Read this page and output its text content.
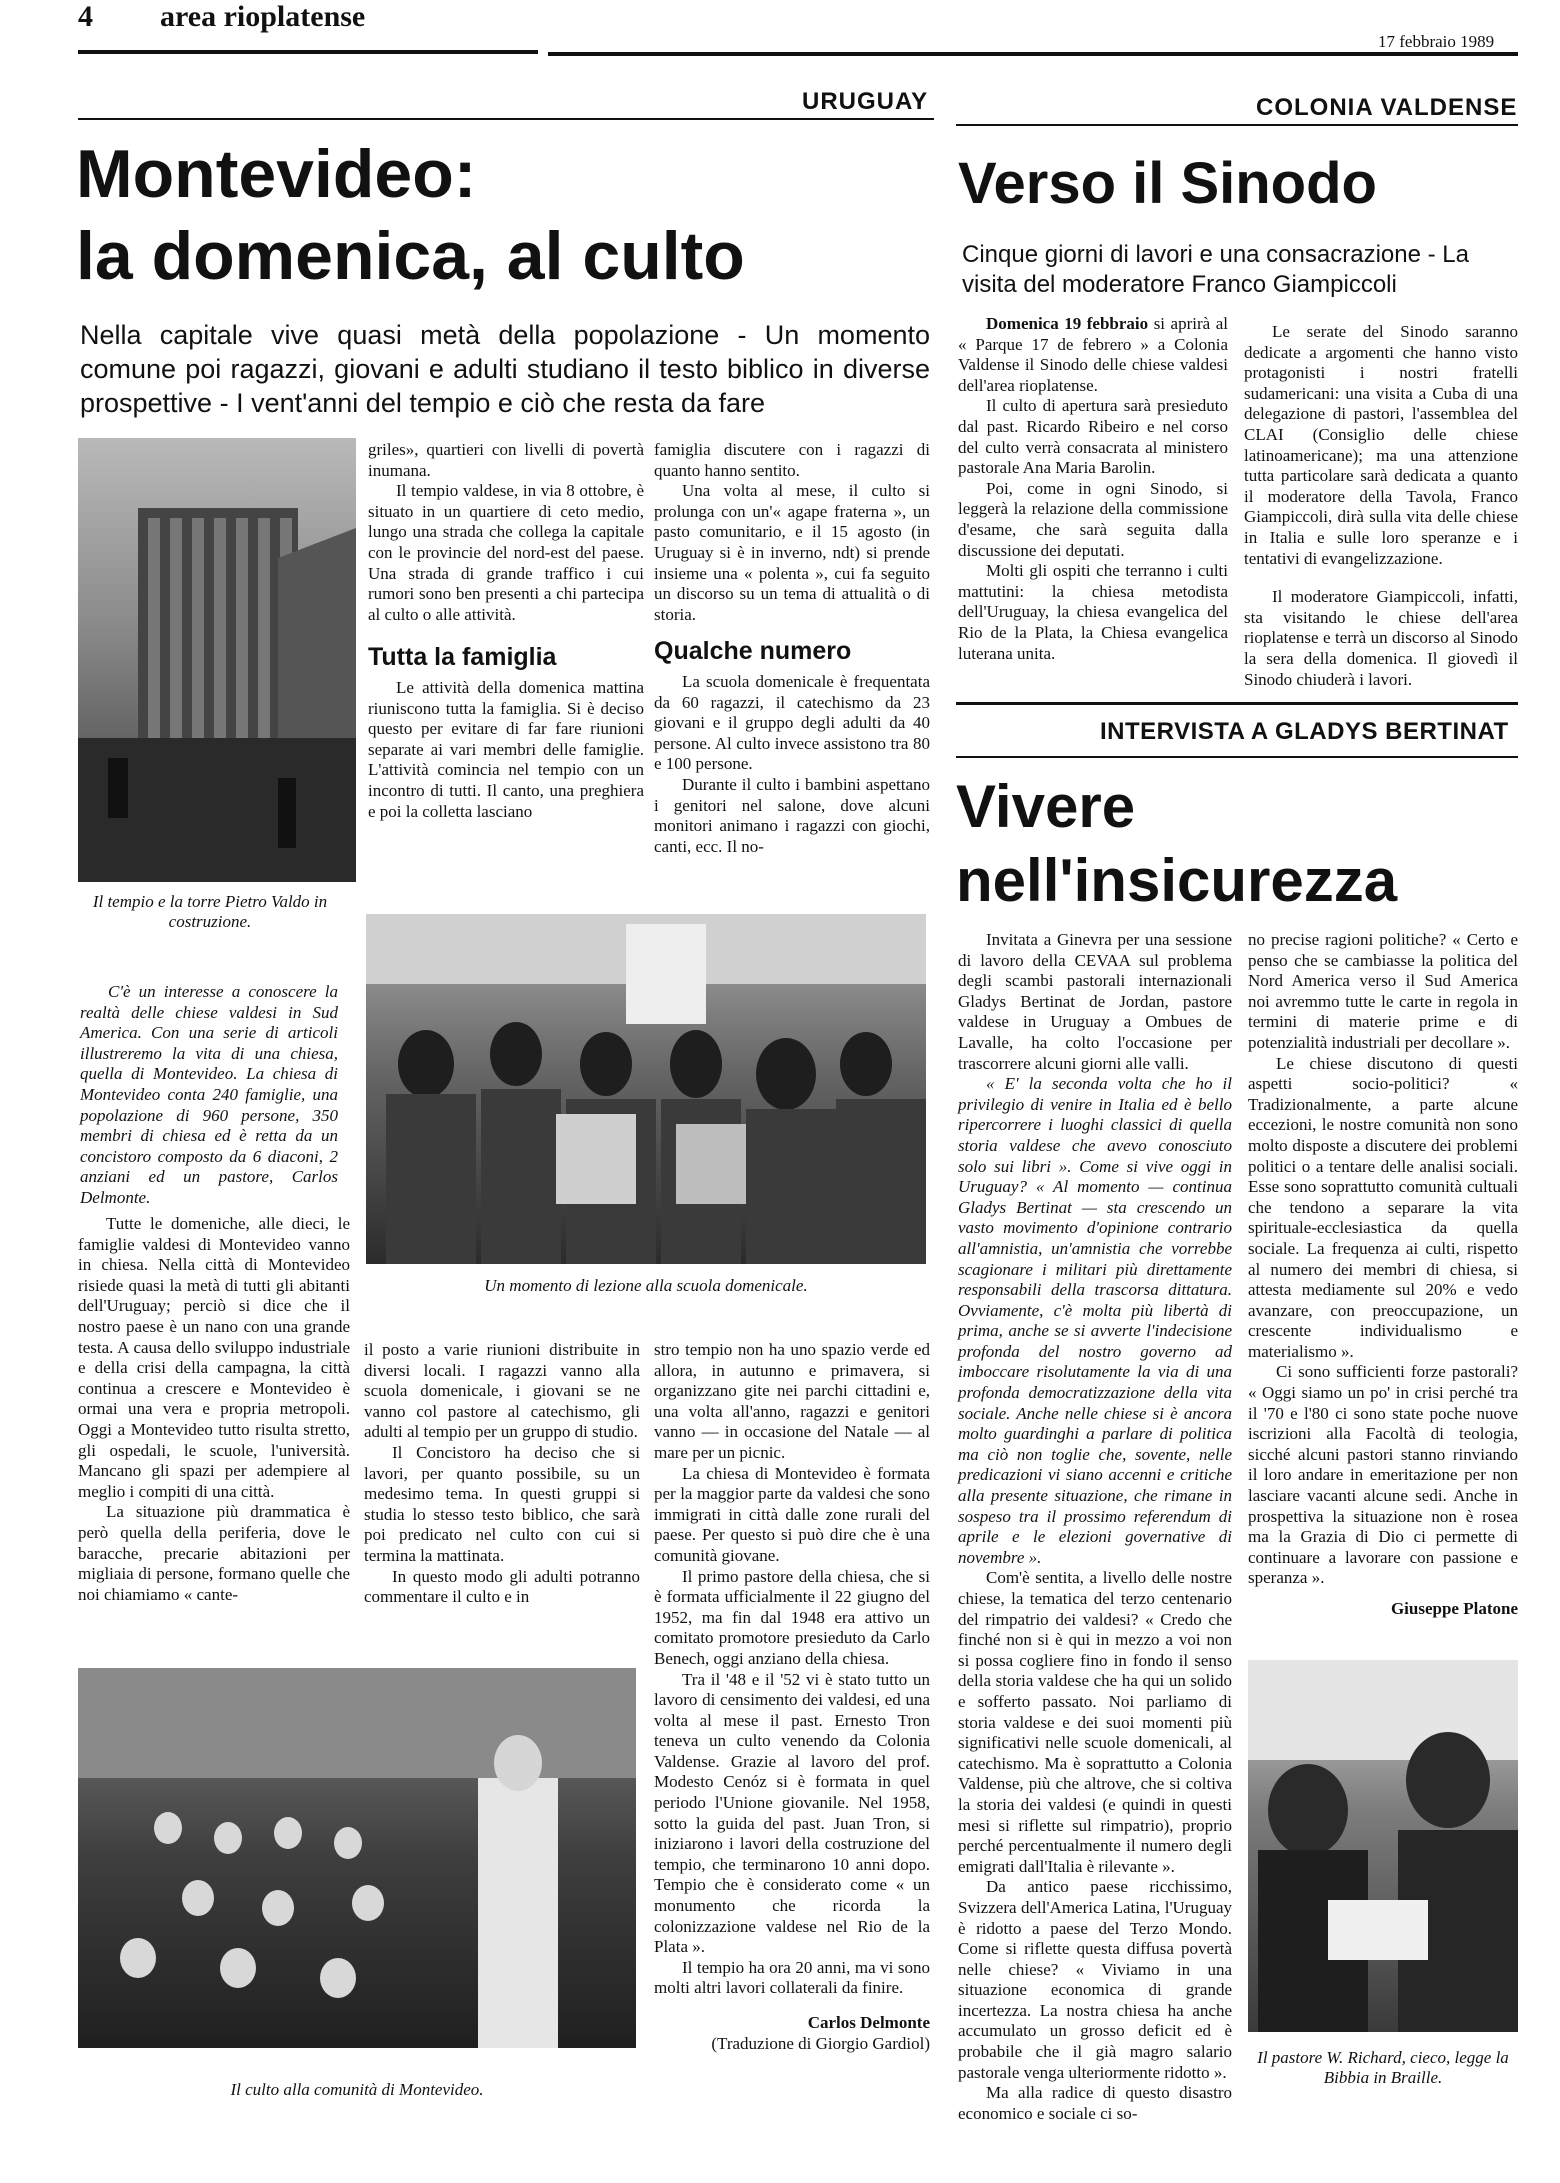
4 area rioplatense
17 febbraio 1989
URUGUAY
Montevideo:
la domenica, al culto
Nella capitale vive quasi metà della popolazione - Un momento comune poi ragazzi, giovani e adulti studiano il testo biblico in diverse prospettive - I vent'anni del tempio e ciò che resta da fare
Il tempio e la torre Pietro Valdo in costruzione.
C'è un interesse a conoscere la realtà delle chiese valdesi in Sud America. Con una serie di articoli illustreremo la vita di una chiesa, quella di Montevideo. La chiesa di Montevideo conta 240 famiglie, una popolazione di 960 persone, 350 membri di chiesa ed è retta da un concistoro composto da 6 diaconi, 2 anziani ed un pastore, Carlos Delmonte.

griles», quartieri con livelli di povertà inumana.

Il tempio valdese, in via 8 ottobre, è situato in un quartiere di ceto medio, lungo una strada che collega la capitale con le provincie del nord-est del paese. Una strada di grande traffico i cui rumori sono ben presenti a chi partecipa al culto o alle attività.

Tutta la famiglia

Le attività della domenica mattina riuniscono tutta la famiglia. Si è deciso questo per evitare di far fare riunioni separate ai vari membri delle famiglie. L'attività comincia nel tempio con un incontro di tutti. Il canto, una preghiera e poi la colletta lasciano

famiglia discutere con i ragazzi di quanto hanno sentito.

Una volta al mese, il culto si prolunga con un'« agape fraterna », un pasto comunitario, e il 15 agosto (in Uruguay si è in inverno, ndt) si prende insieme una « polenta », cui fa seguito un discorso su un tema di attualità o di storia.

Qualche numero

La scuola domenicale è frequentata da 60 ragazzi, il catechismo da 23 giovani e il gruppo degli adulti da 40 persone. Al culto invece assistono tra 80 e 100 persone.

Durante il culto i bambini aspettano i genitori nel salone, dove alcuni monitori animano i ragazzi con giochi, canti, ecc. Il no-

Un momento di lezione alla scuola domenicale.

Tutte le domeniche, alle dieci, le famiglie valdesi di Montevideo vanno in chiesa. Nella città di Montevideo risiede quasi la metà di tutti gli abitanti dell'Uruguay; perciò si dice che il nostro paese è un nano con una grande testa. A causa dello sviluppo industriale e della crisi della campagna, la città continua a crescere e Montevideo è ormai una vera e propria metropoli. Oggi a Montevideo tutto risulta stretto, gli ospedali, le scuole, l'università. Mancano gli spazi per adempiere al meglio i compiti di una città.

La situazione più drammatica è però quella della periferia, dove le baracche, precarie abitazioni per migliaia di persone, formano quelle che noi chiamiamo « cante-

il posto a varie riunioni distribuite in diversi locali. I ragazzi vanno alla scuola domenicale, i giovani se ne vanno col pastore al catechismo, gli adulti al tempio per un gruppo di studio.

Il Concistoro ha deciso che si lavori, per quanto possibile, su un medesimo tema. In questi gruppi si studia lo stesso testo biblico, che sarà poi predicato nel culto con cui si termina la mattinata.

In questo modo gli adulti potranno commentare il culto e in

stro tempio non ha uno spazio verde ed allora, in autunno e primavera, si organizzano gite nei parchi cittadini e, una volta all'anno, ragazzi e genitori vanno — in occasione del Natale — al mare per un picnic.

La chiesa di Montevideo è formata per la maggior parte da valdesi che sono immigrati in città dalle zone rurali del paese. Per questo si può dire che è una comunità giovane.

Il primo pastore della chiesa, che si è formata ufficialmente il 22 giugno del 1952, ma fin dal 1948 era attivo un comitato promotore presieduto da Carlo Benech, oggi anziano della chiesa.

Tra il '48 e il '52 vi è stato tutto un lavoro di censimento dei valdesi, ed una volta al mese il past. Ernesto Tron teneva un culto venendo da Colonia Valdense. Grazie al lavoro del prof. Modesto Cenóz si è formata in quel periodo l'Unione giovanile. Nel 1958, sotto la guida del past. Juan Tron, si iniziarono i lavori della costruzione del tempio, che terminarono 10 anni dopo. Tempio che è considerato come « un monumento che ricorda la colonizzazione valdese nel Rio de la Plata ».

Il tempio ha ora 20 anni, ma vi sono molti altri lavori collaterali da finire.

Carlos Delmonte
(Traduzione di Giorgio Gardiol)
Il culto alla comunità di Montevideo.
COLONIA VALDENSE
Verso il Sinodo
Cinque giorni di lavori e una consacrazione - La visita del moderatore Franco Giampiccoli

Domenica 19 febbraio si aprirà al « Parque 17 de febrero » a Colonia Valdense il Sinodo delle chiese valdesi dell'area rioplatense.

Il culto di apertura sarà presieduto dal past. Ricardo Ribeiro e nel corso del culto verrà consacrata al ministero pastorale Ana Maria Barolin.

Poi, come in ogni Sinodo, si leggerà la relazione della commissione d'esame, che sarà seguita dalla discussione dei deputati.

Molti gli ospiti che terranno i culti mattutini: la chiesa metodista dell'Uruguay, la chiesa evangelica del Rio de la Plata, la Chiesa evangelica luterana unita.

Le serate del Sinodo saranno dedicate a argomenti che hanno visto protagonisti i nostri fratelli sudamericani: una visita a Cuba di una delegazione di pastori, l'assemblea del CLAI (Consiglio delle chiese latinoamericane); ma una attenzione tutta particolare sarà dedicata a quanto il moderatore della Tavola, Franco Giampiccoli, dirà sulla vita delle chiese in Italia e sulle loro speranze e i tentativi di evangelizzazione.

Il moderatore Giampiccoli, infatti, sta visitando le chiese dell'area rioplatense e terrà un discorso al Sinodo la sera della domenica. Il giovedì il Sinodo chiuderà i lavori.

INTERVISTA A GLADYS BERTINAT
Vivere
nell'insicurezza

Invitata a Ginevra per una sessione di lavoro della CEVAA sul problema degli scambi pastorali internazionali Gladys Bertinat de Jordan, pastore valdese in Uruguay a Ombues de Lavalle, ha colto l'occasione per trascorrere alcuni giorni alle valli.

« E' la seconda volta che ho il privilegio di venire in Italia ed è bello ripercorrere i luoghi classici di quella storia valdese che avevo conosciuto solo sui libri ». Come si vive oggi in Uruguay? « Al momento — continua Gladys Bertinat — sta crescendo un vasto movimento d'opinione contrario all'amnistia, un'amnistia che vorrebbe scagionare i militari più direttamente responsabili della trascorsa dittatura. Ovviamente, c'è molta più libertà di prima, anche se si avverte l'indecisione profonda del nostro governo ad imboccare risolutamente la via di una profonda democratizzazione della vita sociale. Anche nelle chiese si è ancora molto guardinghi a parlare di politica ma ciò non toglie che, sovente, nelle predicazioni vi siano accenni e critiche alla presente situazione, che rimane in sospeso tra il prossimo referendum di aprile e le elezioni governative di novembre ».

Com'è sentita, a livello delle nostre chiese, la tematica del terzo centenario del rimpatrio dei valdesi? « Credo che finché non si è qui in mezzo a voi non si possa cogliere fino in fondo il senso della storia valdese che ha qui un solido e sofferto passato. Noi parliamo di storia valdese e dei suoi momenti più significativi nelle scuole domenicali, al catechismo. Ma è soprattutto a Colonia Valdense, più che altrove, che si coltiva la storia dei valdesi (e quindi in questi mesi si riflette sul rimpatrio), proprio perché percentualmente il numero degli emigrati dall'Italia è rilevante ».

Da antico paese ricchissimo, Svizzera dell'America Latina, l'Uruguay è ridotto a paese del Terzo Mondo. Come si riflette questa diffusa povertà nelle chiese? « Viviamo in una situazione economica di grande incertezza. La nostra chiesa ha anche accumulato un grosso deficit ed è probabile che il già magro salario pastorale venga ulteriormente ridotto ».

Ma alla radice di questo disastro economico e sociale ci so-

no precise ragioni politiche? « Certo e penso che se cambiasse la politica del Nord America verso il Sud America noi avremmo tutte le carte in regola in termini di materie prime e di potenzialità industriali per decollare ».

Le chiese discutono di questi aspetti socio-politici? « Tradizionalmente, a parte alcune eccezioni, le nostre comunità non sono molto disposte a discutere dei problemi politici o a tentare delle analisi sociali. Esse sono soprattutto comunità cultuali che tendono a separare la vita spirituale-ecclesiastica da quella sociale. La frequenza ai culti, rispetto al numero dei membri di chiesa, si attesta mediamente sul 20% e vedo avanzare, con preoccupazione, un crescente individualismo e materialismo ».

Ci sono sufficienti forze pastorali? « Oggi siamo un po' in crisi perché tra il '70 e l'80 ci sono state poche nuove iscrizioni alla Facoltà di teologia, sicché alcuni pastori stanno rinviando il loro andare in emeritazione per non lasciare vacanti alcune sedi. Anche in prospettiva la situazione non è rosea ma la Grazia di Dio ci permette di continuare a lavorare con passione e speranza ».

Giuseppe Platone
Il pastore W. Richard, cieco, legge la Bibbia in Braille.
